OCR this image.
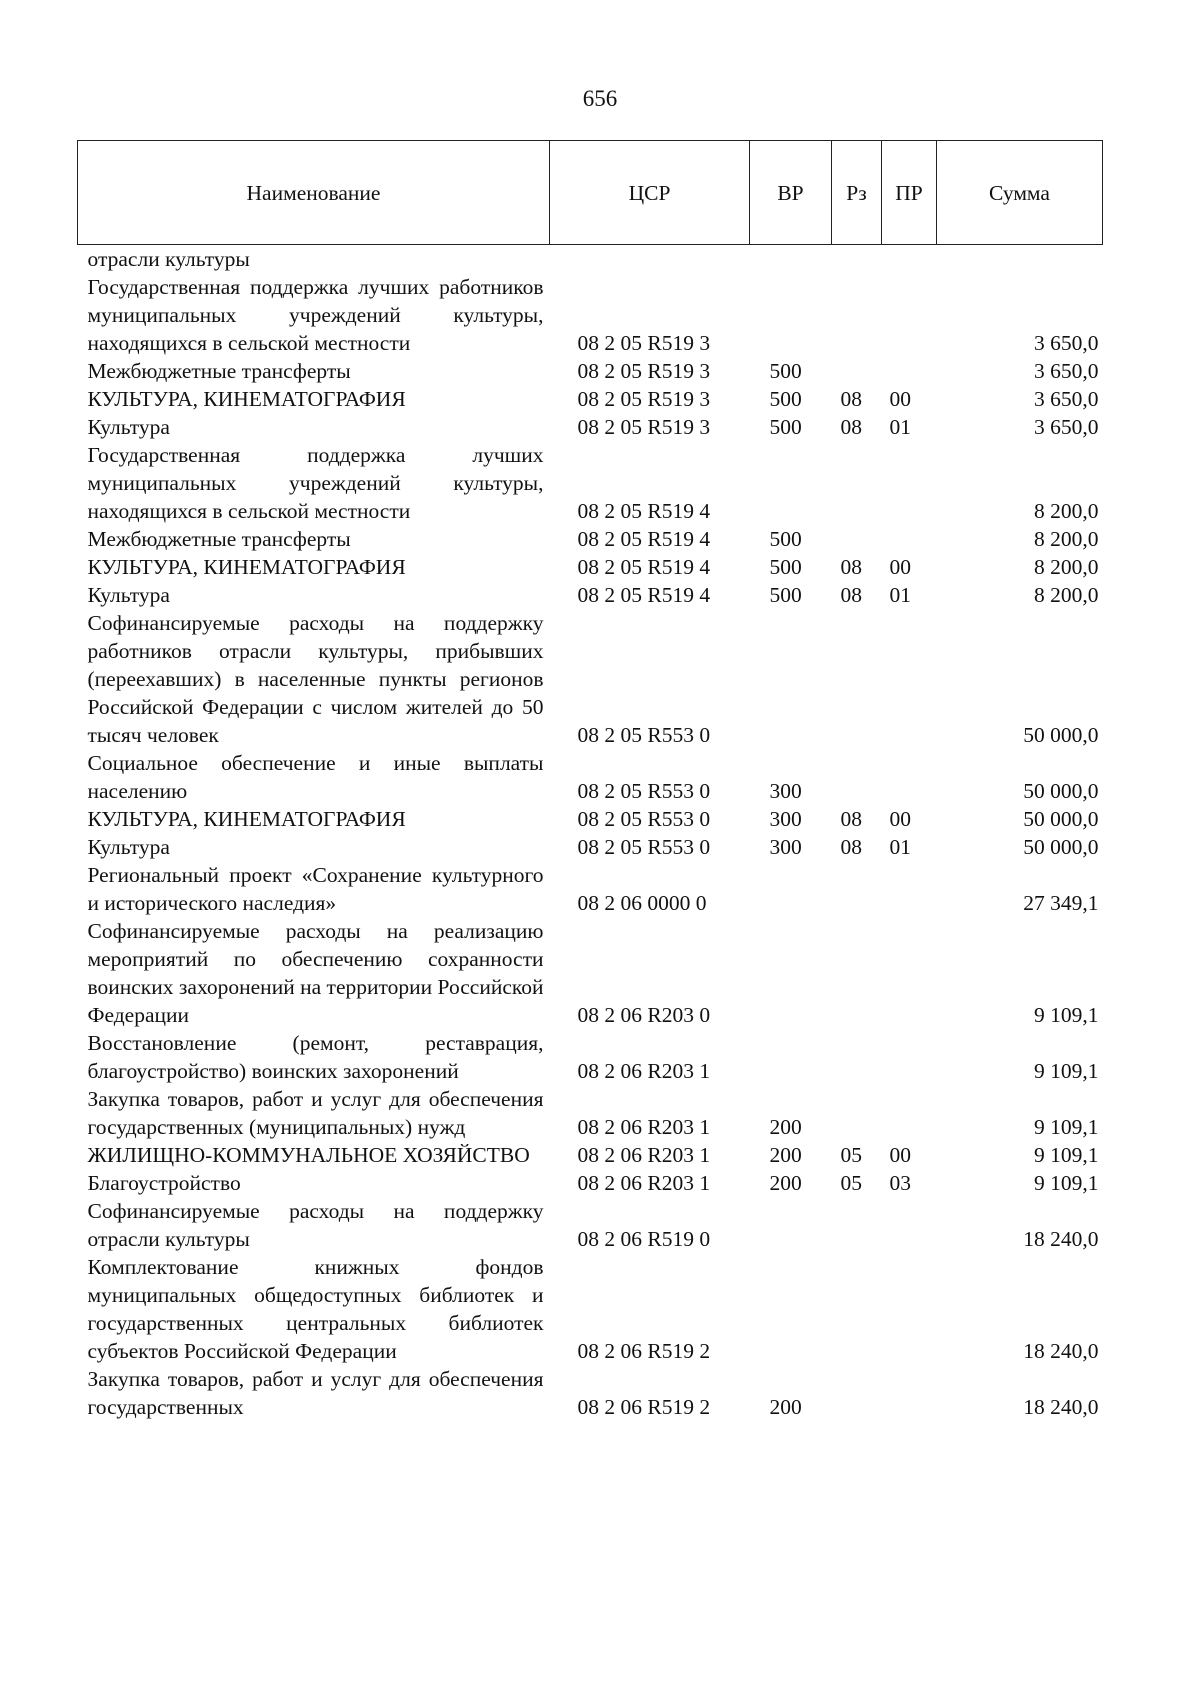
656
Наименование	ЦСР	ВР	Рз	ПР	Сумма
отрасли культуры					
Государственная поддержка лучших работников муниципальных учреждений культуры, находящихся в сельской местности	08 2 05 R519 3				3 650,0
Межбюджетные трансферты	08 2 05 R519 3	500			3 650,0
КУЛЬТУРА, КИНЕМАТОГРАФИЯ	08 2 05 R519 3	500	08	00	3 650,0
Культура	08 2 05 R519 3	500	08	01	3 650,0
Государственная поддержка лучших муниципальных учреждений культуры, находящихся в сельской местности	08 2 05 R519 4				8 200,0
Межбюджетные трансферты	08 2 05 R519 4	500			8 200,0
КУЛЬТУРА, КИНЕМАТОГРАФИЯ	08 2 05 R519 4	500	08	00	8 200,0
Культура	08 2 05 R519 4	500	08	01	8 200,0
Софинансируемые расходы на поддержку работников отрасли культуры, прибывших (переехавших) в населенные пункты регионов Российской Федерации с числом жителей до 50 тысяч человек	08 2 05 R553 0				50 000,0
Социальное обеспечение и иные выплаты населению	08 2 05 R553 0	300			50 000,0
КУЛЬТУРА, КИНЕМАТОГРАФИЯ	08 2 05 R553 0	300	08	00	50 000,0
Культура	08 2 05 R553 0	300	08	01	50 000,0
Региональный проект «Сохранение культурного и исторического наследия»	08 2 06 0000 0				27 349,1
Софинансируемые расходы на реализацию мероприятий по обеспечению сохранности воинских захоронений на территории Российской Федерации	08 2 06 R203 0				9 109,1
Восстановление (ремонт, реставрация, благоустройство) воинских захоронений	08 2 06 R203 1				9 109,1
Закупка товаров, работ и услуг для обеспечения государственных (муниципальных) нужд	08 2 06 R203 1	200			9 109,1
ЖИЛИЩНО-КОММУНАЛЬНОЕ ХОЗЯЙСТВО	08 2 06 R203 1	200	05	00	9 109,1
Благоустройство	08 2 06 R203 1	200	05	03	9 109,1
Софинансируемые расходы на поддержку отрасли культуры	08 2 06 R519 0				18 240,0
Комплектование книжных фондов муниципальных общедоступных библиотек и государственных центральных библиотек субъектов Российской Федерации	08 2 06 R519 2				18 240,0
Закупка товаров, работ и услуг для обеспечения государственных	08 2 06 R519 2	200			18 240,0
